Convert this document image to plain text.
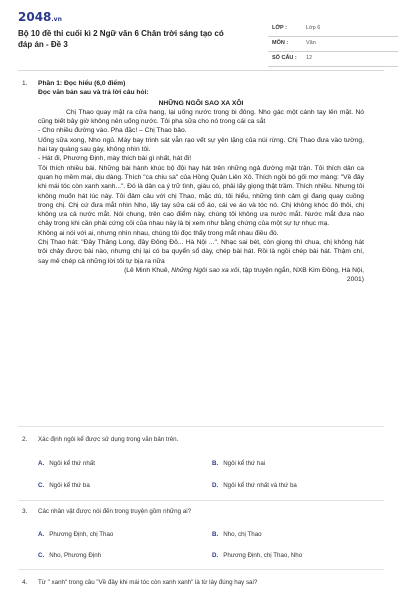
2048.vn
Bộ 10 đề thi cuối kì 2 Ngữ văn 6 Chân trời sáng tạo có đáp án - Đề 3
LỚP :	Lớp 6
MÔN :	Văn
SỐ CÂU : 12
1. Phần 1: Đọc hiểu (6,0 điểm)

Đọc văn bản sau và trả lời câu hỏi:

NHỮNG NGÔI SAO XA XÔI

Chị Thao quay mặt ra cửa hang, lại uống nước trong bi đông. Nho gác một cánh tay lên mặt. Nó cũng biết bây giờ không nên uống nước. Tôi pha sữa cho nó trong cái ca sắt

- Cho nhiều đường vào. Pha đặc! – Chị Thao bảo.

Uống sữa xong, Nho ngủ. Máy bay trinh sát vẫn rạo vết sự yên lặng của núi rừng. Chị Thao đưa vào tường, hai tay quàng sau gáy, không nhìn tôi.

- Hát đi, Phương Định, mày thích bài gì nhất, hát đi!

Tôi thích nhiều bài. Những bài hành khúc bộ đội hay hát trên những ngả đường mặt trận. Tôi thích dân ca quan họ mềm mại, dịu dàng. Thích "ca chiu sa" của Hồng Quân Liên Xô. Thích ngồi bó gối mơ màng: "Về đây khi mái tóc còn xanh xanh...". Đó là dân ca ý trữ tình, giàu có, phải lấy giọng thật trầm. Thích nhiều. Nhưng tôi không muốn hát lúc này. Tôi đảm câu với chị Thao, mặc dù, tôi hiểu, những tình cảm gì đang quay cuồng trong chị. Chị cứ đưa mắt nhìn Nho, lấy tay sửa cái cổ áo, cái ve áo và tóc nó. Chị không khóc đó thôi, chị không ưa cả nước mắt. Nói chung, trên cao điểm này, chúng tôi không ưa nước mắt. Nước mắt đưa nào chảy trong khi cần phải cứng cỏi của nhau này là bị xem như bằng chứng của một sự tự nhục mạ.

Không ai nói với ai, nhưng nhìn nhau, chúng tôi đọc thấy trong mắt nhau điều đó.

Chị Thao hát: "Đây Thăng Long, đây Đông Đô... Hà Nội ...". Nhạc sai bét, còn giọng thì chua, chị không hát trôi chảy được bài nào, nhưng chị lại có ba quyển sổ dày, chép bài hát. Rồi là ngồi chép bài hát. Thậm chí, say mê chép cả những lời tôi tự bịa ra nữa

(Lê Minh Khuê, Những Ngôi sao xa xôi, tập truyện ngắn, NXB Kim Đồng, Hà Nội,

2001)

2. Xác định ngôi kể được sử dụng trong văn bản trên.
A. Ngôi kể thứ nhất	B. Ngôi kể thứ hai
C. Ngôi kể thứ ba	D. Ngôi kể thứ nhất và thứ ba
3. Các nhân vật được nói đến trong truyện gồm những ai?
A. Phương Định, chị Thao	B. Nho, chị Thao
C. Nho, Phương Định	D. Phương Định, chị Thao, Nho
4. Từ " xanh" trong câu "Về đây khi mái tóc còn xanh xanh" là từ láy đúng hay sai?
